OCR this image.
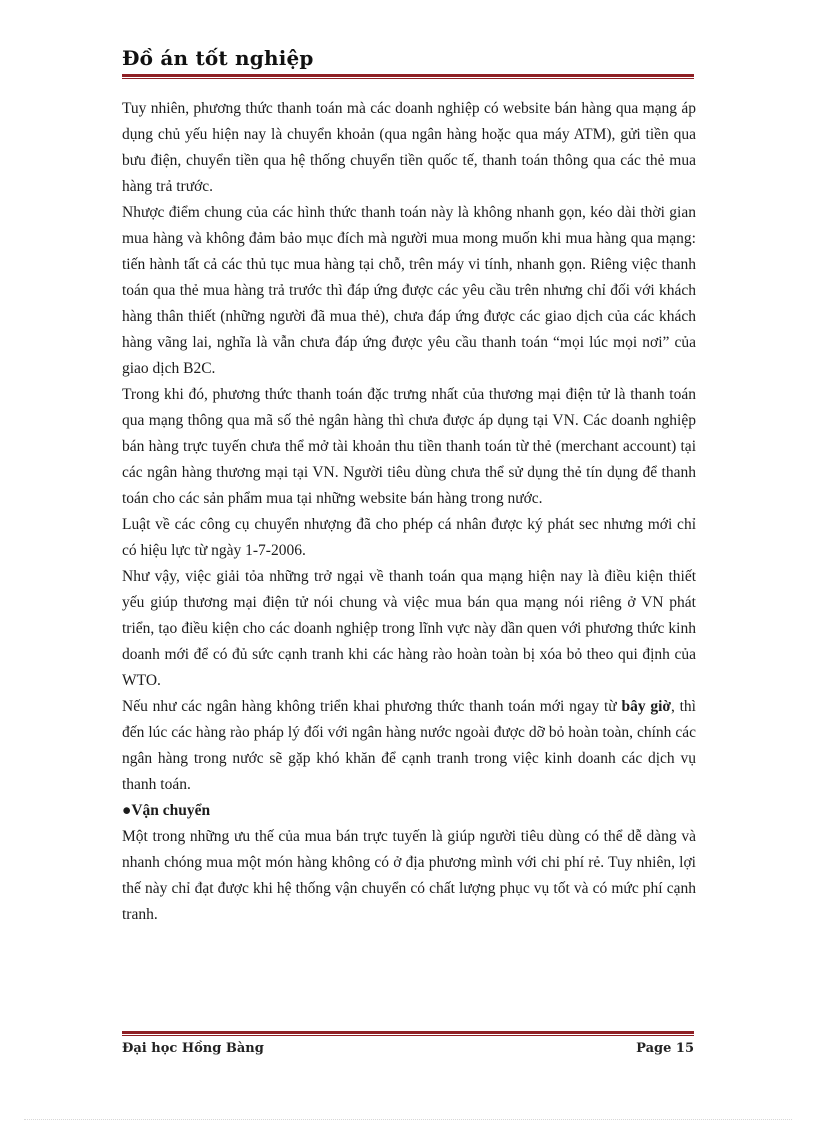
Đồ án tốt nghiệp

Tuy nhiên, phương thức thanh toán mà các doanh nghiệp có website bán hàng qua mạng áp dụng chủ yếu hiện nay là chuyển khoản (qua ngân hàng hoặc qua máy ATM), gửi tiền qua bưu điện, chuyển tiền qua hệ thống chuyển tiền quốc tế, thanh toán thông qua các thẻ mua hàng trả trước.

Nhược điểm chung của các hình thức thanh toán này là không nhanh gọn, kéo dài thời gian mua hàng và không đảm bảo mục đích mà người mua mong muốn khi mua hàng qua mạng: tiến hành tất cả các thủ tục mua hàng tại chỗ, trên máy vi tính, nhanh gọn. Riêng việc thanh toán qua thẻ mua hàng trả trước thì đáp ứng được các yêu cầu trên nhưng chỉ đối với khách hàng thân thiết (những người đã mua thẻ), chưa đáp ứng được các giao dịch của các khách hàng vãng lai, nghĩa là vẫn chưa đáp ứng được yêu cầu thanh toán “mọi lúc mọi nơi” của giao dịch B2C.

Trong khi đó, phương thức thanh toán đặc trưng nhất của thương mại điện tử là thanh toán qua mạng thông qua mã số thẻ ngân hàng thì chưa được áp dụng tại VN. Các doanh nghiệp bán hàng trực tuyến chưa thể mở tài khoản thu tiền thanh toán từ thẻ (merchant account) tại các ngân hàng thương mại tại VN. Người tiêu dùng chưa thể sử dụng thẻ tín dụng để thanh toán cho các sản phẩm mua tại những website bán hàng trong nước.

Luật về các công cụ chuyển nhượng đã cho phép cá nhân được ký phát sec nhưng mới chỉ có hiệu lực từ ngày 1-7-2006.

Như vậy, việc giải tỏa những trở ngại về thanh toán qua mạng hiện nay là điều kiện thiết yếu giúp thương mại điện tử nói chung và việc mua bán qua mạng nói riêng ở VN phát triển, tạo điều kiện cho các doanh nghiệp trong lĩnh vực này dần quen với phương thức kinh doanh mới để có đủ sức cạnh tranh khi các hàng rào hoàn toàn bị xóa bỏ theo qui định của WTO.

Nếu như các ngân hàng không triển khai phương thức thanh toán mới ngay từ bây giờ, thì đến lúc các hàng rào pháp lý đối với ngân hàng nước ngoài được dỡ bỏ hoàn toàn, chính các ngân hàng trong nước sẽ gặp khó khăn để cạnh tranh trong việc kinh doanh các dịch vụ thanh toán.

●Vận chuyển

Một trong những ưu thế của mua bán trực tuyến là giúp người tiêu dùng có thể dễ dàng và nhanh chóng mua một món hàng không có ở địa phương mình với chi phí rẻ. Tuy nhiên, lợi thế này chỉ đạt được khi hệ thống vận chuyển có chất lượng phục vụ tốt và có mức phí cạnh tranh.

Đại học Hồng Bàng	Page 15
